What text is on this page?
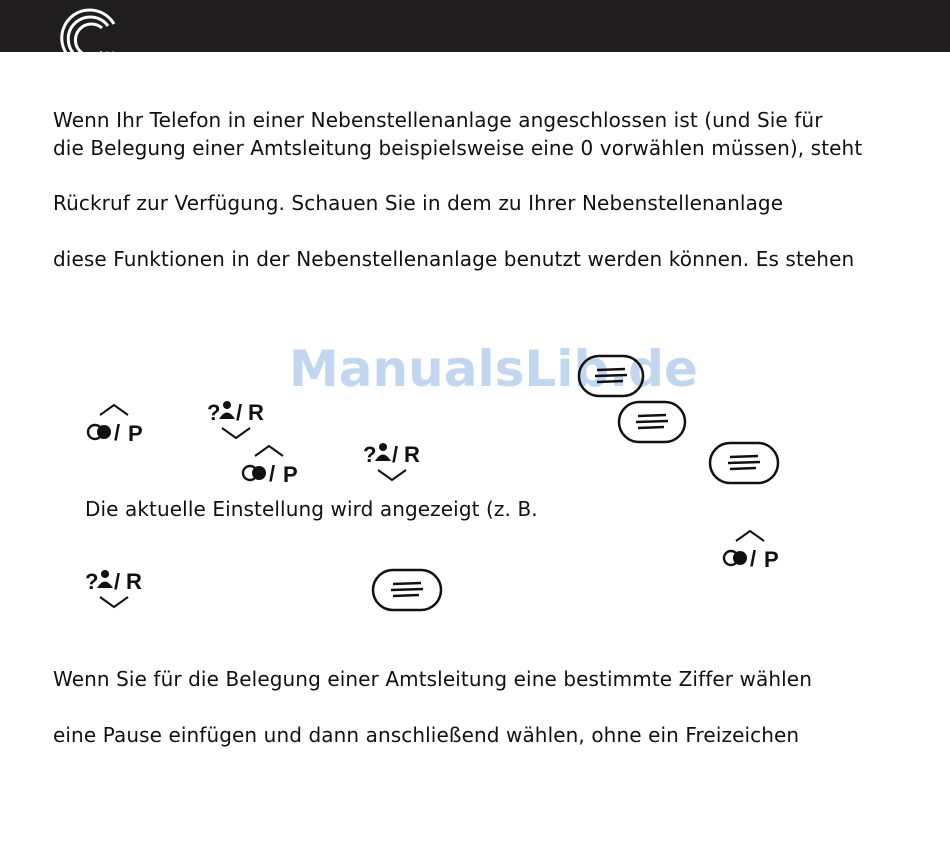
Wenn Ihr Telefon in einer Nebenstellenanlage angeschlossen ist (und Sie für
die Belegung einer Amtsleitung beispielsweise eine 0 vorwählen müssen), steht
Rückruf zur Verfügung. Schauen Sie in dem zu Ihrer Nebenstellenanlage
diese Funktionen in der Nebenstellenanlage benutzt werden können. Es stehen
ManualsLib.de
/ P
? / R
/ P
? / R
Die aktuelle Einstellung wird angezeigt (z. B.
/ P
? / R
Wenn Sie für die Belegung einer Amtsleitung eine bestimmte Ziffer wählen
eine Pause einfügen und dann anschließend wählen, ohne ein Freizeichen
